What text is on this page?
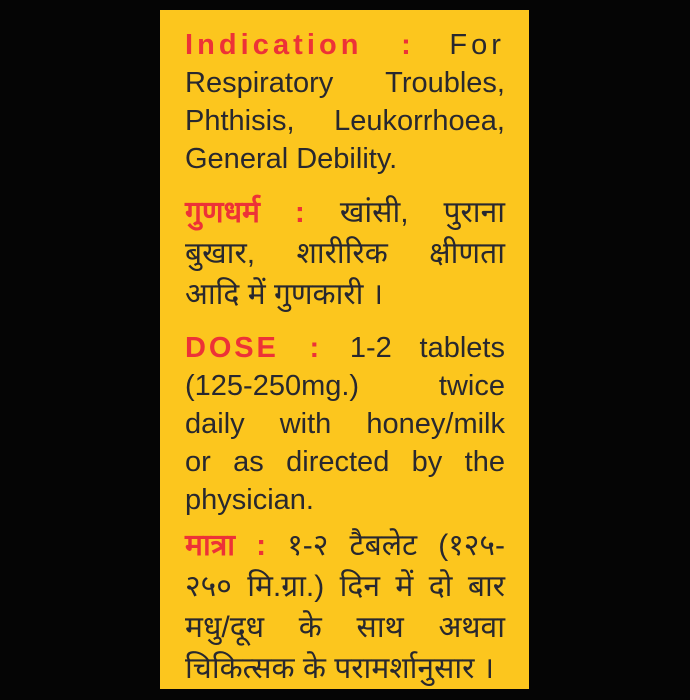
Indication : For
Respiratory Troubles,
Phthisis, Leukorrhoea,
General Debility.
गुणधर्म : खांसी, पुराना
बुखार, शारीरिक क्षीणता
आदि में गुणकारी ।
DOSE : 1-2 tablets
(125-250mg.) twice
daily with honey/milk
or as directed by the
physician.
मात्रा : १-२ टैबलेट (१२५-
२५० मि.ग्रा.) दिन में दो बार
मधु/दूध के साथ अथवा
चिकित्सक के परामर्शानुसार ।
